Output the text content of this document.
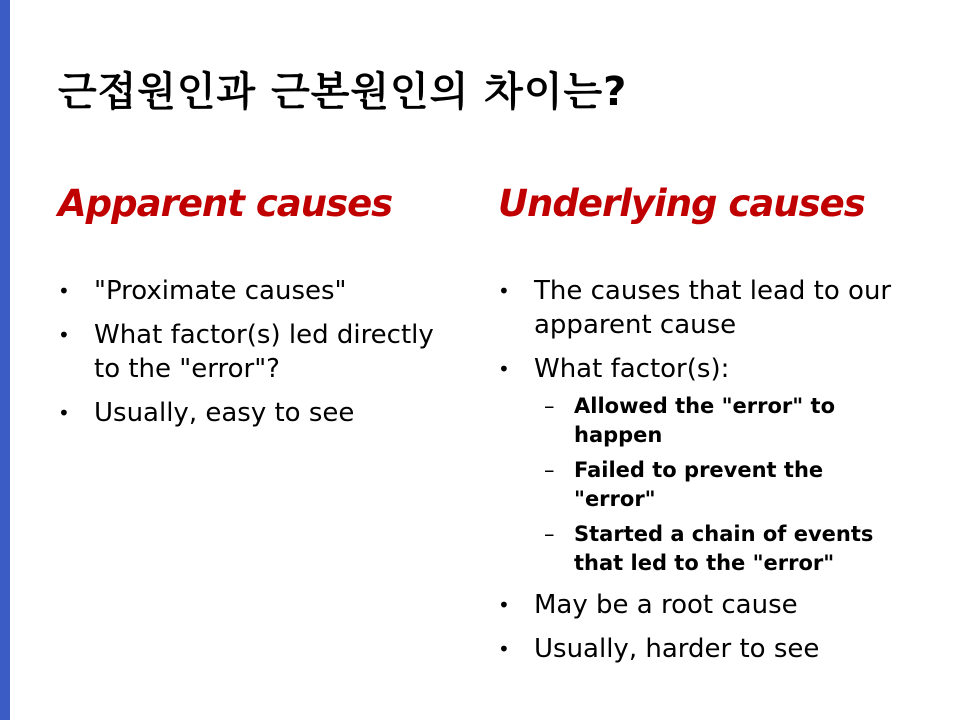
근접원인과 근본원인의 차이는?
Apparent causes
• "Proximate causes"
• What factor(s) led directly to the "error"?
• Usually, easy to see
Underlying causes
• The causes that lead to our apparent cause
• What factor(s):
– Allowed the "error" to happen
– Failed to prevent the "error"
– Started a chain of events that led to the "error"
• May be a root cause
• Usually, harder to see
